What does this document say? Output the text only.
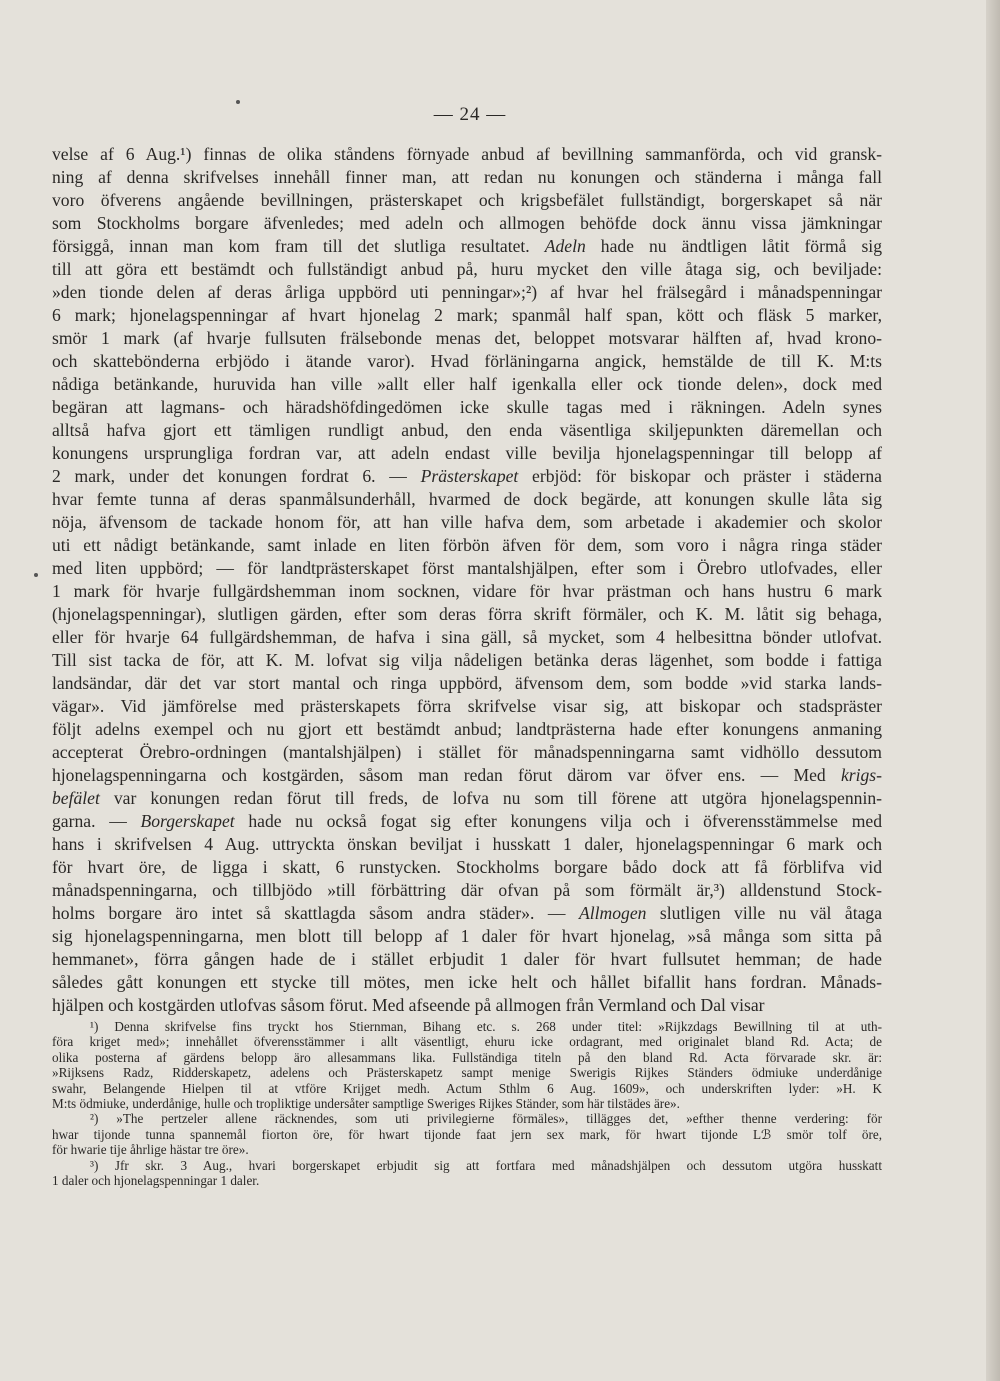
— 24 —
velse af 6 Aug.¹) finnas de olika ståndens förnyade anbud af bevillning sammanförda, och vid gransk-
ning af denna skrifvelses innehåll finner man, att redan nu konungen och ständerna i många fall
voro öfverens angående bevillningen, prästerskapet och krigsbefälet fullständigt, borgerskapet så när
som Stockholms borgare äfvenledes; med adeln och allmogen behöfde dock ännu vissa jämkningar
försiggå, innan man kom fram till det slutliga resultatet. Adeln hade nu ändtligen låtit förmå sig
till att göra ett bestämdt och fullständigt anbud på, huru mycket den ville åtaga sig, och beviljade:
»den tionde delen af deras årliga uppbörd uti penningar»;²) af hvar hel frälsegård i månadspenningar
6 mark; hjonelagspenningar af hvart hjonelag 2 mark; spanmål half span, kött och fläsk 5 marker,
smör 1 mark (af hvarje fullsuten frälsebonde menas det, beloppet motsvarar hälften af, hvad krono-
och skattebönderna erbjödo i ätande varor). Hvad förläningarna angick, hemstälde de till K. M:ts
nådiga betänkande, huruvida han ville »allt eller half igenkalla eller ock tionde delen», dock med
begäran att lagmans- och häradshöfdingedömen icke skulle tagas med i räkningen. Adeln synes
alltså hafva gjort ett tämligen rundligt anbud, den enda väsentliga skiljepunkten däremellan och
konungens ursprungliga fordran var, att adeln endast ville bevilja hjonelagspenningar till belopp af
2 mark, under det konungen fordrat 6. — Prästerskapet erbjöd: för biskopar och präster i städerna
hvar femte tunna af deras spanmålsunderhåll, hvarmed de dock begärde, att konungen skulle låta sig
nöja, äfvensom de tackade honom för, att han ville hafva dem, som arbetade i akademier och skolor
uti ett nådigt betänkande, samt inlade en liten förbön äfven för dem, som voro i några ringa städer
med liten uppbörd; — för landtprästerskapet först mantalshjälpen, efter som i Örebro utlofvades, eller
1 mark för hvarje fullgärdshemman inom socknen, vidare för hvar prästman och hans hustru 6 mark
(hjonelagspenningar), slutligen gärden, efter som deras förra skrift förmäler, och K. M. låtit sig behaga,
eller för hvarje 64 fullgärdshemman, de hafva i sina gäll, så mycket, som 4 helbesittna bönder utlofvat.
Till sist tacka de för, att K. M. lofvat sig vilja nådeligen betänka deras lägenhet, som bodde i fattiga
landsändar, där det var stort mantal och ringa uppbörd, äfvensom dem, som bodde »vid starka lands-
vägar». Vid jämförelse med prästerskapets förra skrifvelse visar sig, att biskopar och stadspräster
följt adelns exempel och nu gjort ett bestämdt anbud; landtprästerna hade efter konungens anmaning
accepterat Örebro-ordningen (mantalshjälpen) i stället för månadspenningarna samt vidhöllo dessutom
hjonelagspenningarna och kostgärden, såsom man redan förut därom var öfver ens. — Med krigs-
befälet var konungen redan förut till freds, de lofva nu som till förene att utgöra hjonelagspennin-
garna. — Borgerskapet hade nu också fogat sig efter konungens vilja och i öfverensstämmelse med
hans i skrifvelsen 4 Aug. uttryckta önskan beviljat i husskatt 1 daler, hjonelagspenningar 6 mark och
för hvart öre, de ligga i skatt, 6 runstycken. Stockholms borgare bådo dock att få förblifva vid
månadspenningarna, och tillbjödo »till förbättring där ofvan på som förmält är,³) alldenstund Stock-
holms borgare äro intet så skattlagda såsom andra städer». — Allmogen slutligen ville nu väl åtaga
sig hjonelagspenningarna, men blott till belopp af 1 daler för hvart hjonelag, »så många som sitta på
hemmanet», förra gången hade de i stället erbjudit 1 daler för hvart fullsutet hemman; de hade
således gått konungen ett stycke till mötes, men icke helt och hållet bifallit hans fordran. Månads-
hjälpen och kostgärden utlofvas såsom förut. Med afseende på allmogen från Vermland och Dal visar
¹) Denna skrifvelse fins tryckt hos Stiernman, Bihang etc. s. 268 under titel: »Rijkzdags Bewillning til at uth-
föra kriget med»; innehållet öfverensstämmer i allt väsentligt, ehuru icke ordagrant, med originalet bland Rd. Acta; de
olika posterna af gärdens belopp äro allesammans lika. Fullständiga titeln på den bland Rd. Acta förvarade skr. är:
»Rijksens Radz, Ridderskapetz, adelens och Prästerskapetz sampt menige Swerigis Rijkes Ständers ödmiuke underdånige
swahr, Belangende Hielpen til at vtföre Krijget medh. Actum Sthlm 6 Aug. 1609», och underskriften lyder: »H. K
M:ts ödmiuke, underdånige, hulle och tropliktige undersåter samptlige Sweriges Rijkes Ständer, som här tilstädes äre».
²) »The pertzeler allene räcknendes, som uti privilegierne förmäles», tillägges det, »efther thenne verdering: för
hwar tijonde tunna spannemål fiorton öre, för hwart tijonde faat jern sex mark, för hwart tijonde Lℬ smör tolf öre,
för hwarie tije åhrlige hästar tre öre».
³) Jfr skr. 3 Aug., hvari borgerskapet erbjudit sig att fortfara med månadshjälpen och dessutom utgöra husskatt
1 daler och hjonelagspenningar 1 daler.
